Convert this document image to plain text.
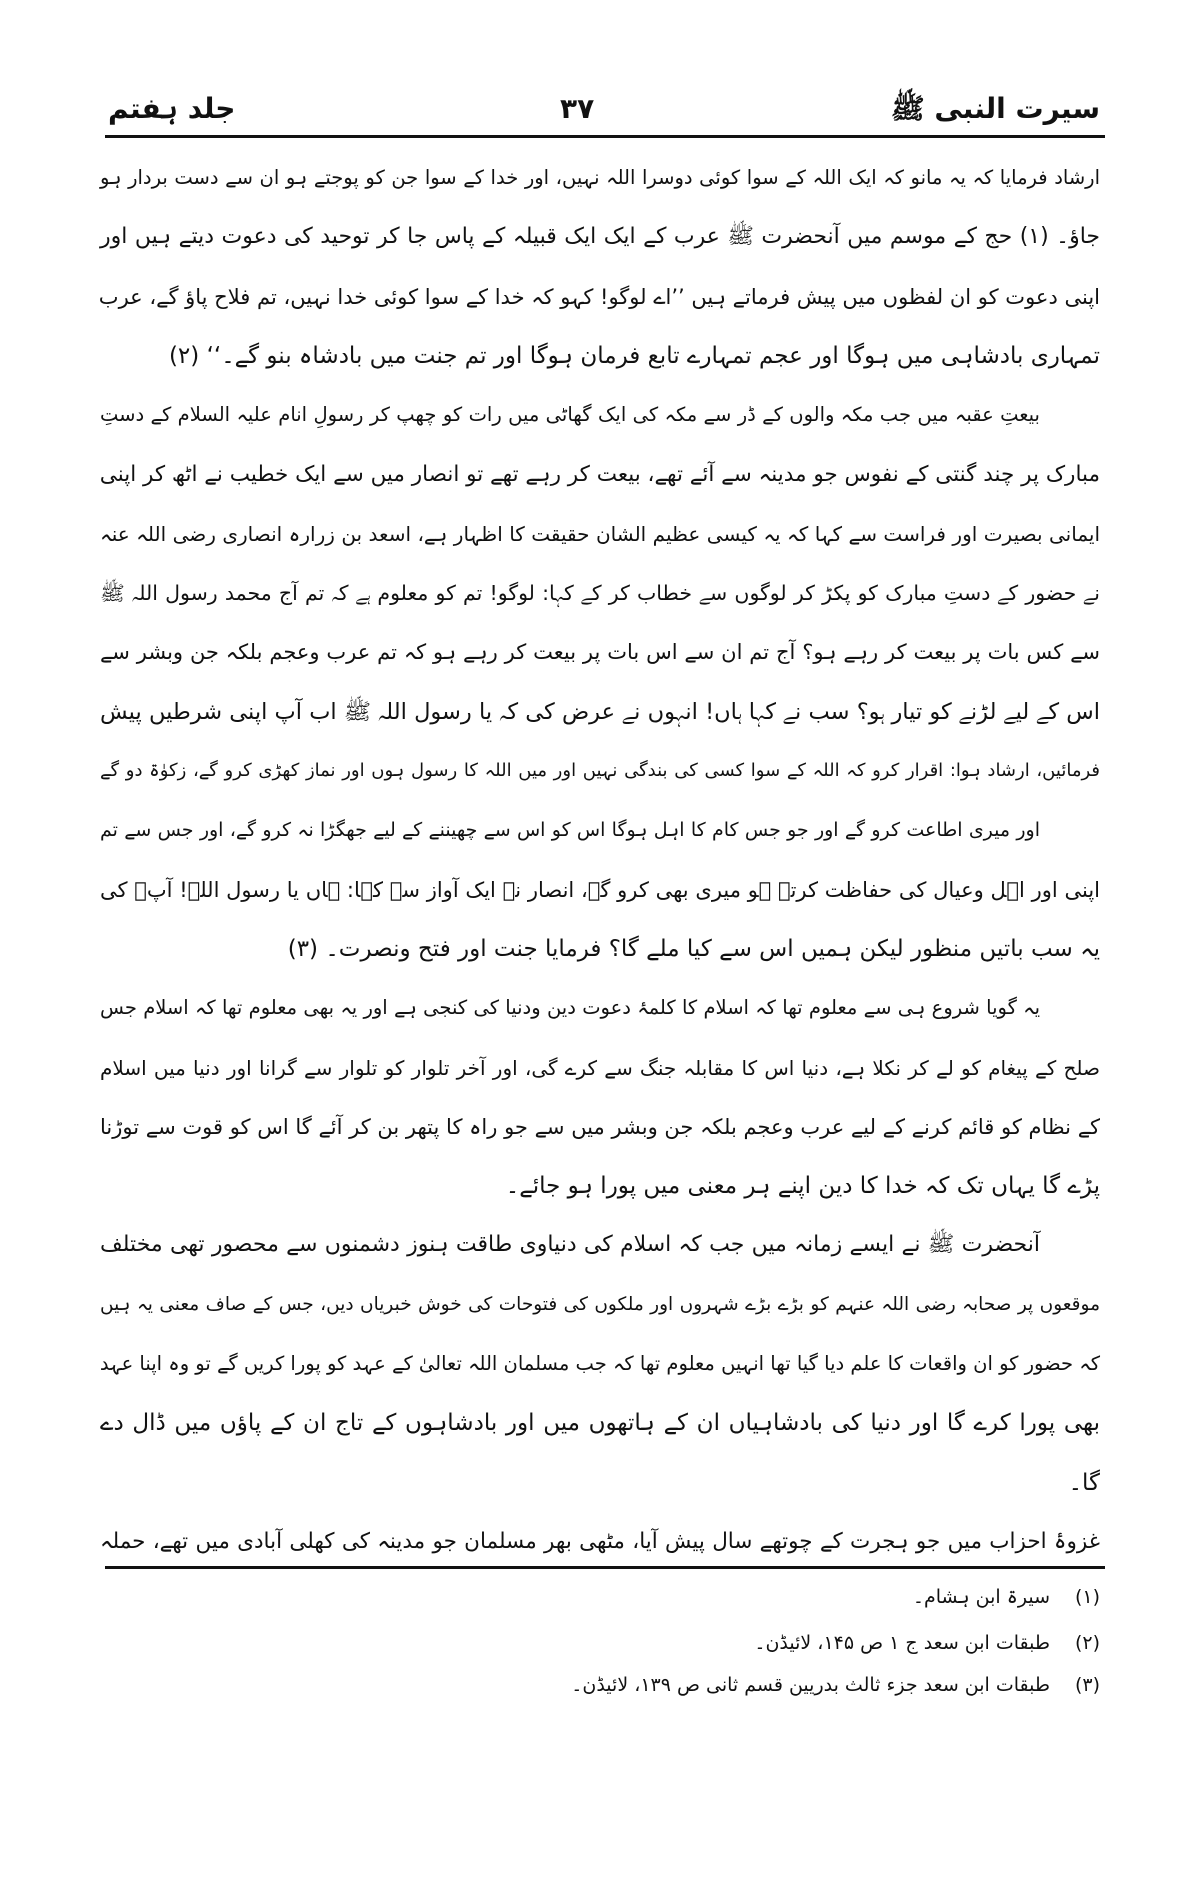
سیرت النبی ﷺ
۳۷
جلد ہفتم
ارشاد فرمایا کہ یہ مانو کہ ایک اللہ کے سوا کوئی دوسرا اللہ نہیں، اور خدا کے سوا جن کو پوجتے ہو ان سے دست بردار ہو
جاؤ۔ (۱) حج کے موسم میں آنحضرت ﷺ عرب کے ایک ایک قبیلہ کے پاس جا کر توحید کی دعوت دیتے ہیں اور
اپنی دعوت کو ان لفظوں میں پیش فرماتے ہیں ’’اے لوگو! کہو کہ خدا کے سوا کوئی خدا نہیں، تم فلاح پاؤ گے، عرب
تمہاری بادشاہی میں ہوگا اور عجم تمہارے تابع فرمان ہوگا اور تم جنت میں بادشاہ بنو گے۔‘‘ (۲)
بیعتِ عقبہ میں جب مکہ والوں کے ڈر سے مکہ کی ایک گھاٹی میں رات کو چھپ کر رسولِ انام علیہ السلام کے دستِ
مبارک پر چند گنتی کے نفوس جو مدینہ سے آئے تھے، بیعت کر رہے تھے تو انصار میں سے ایک خطیب نے اٹھ کر اپنی
ایمانی بصیرت اور فراست سے کہا کہ یہ کیسی عظیم الشان حقیقت کا اظہار ہے، اسعد بن زرارہ انصاری رضی اللہ عنہ
نے حضور کے دستِ مبارک کو پکڑ کر لوگوں سے خطاب کر کے کہا: لوگو! تم کو معلوم ہے کہ تم آج محمد رسول اللہ ﷺ
سے کس بات پر بیعت کر رہے ہو؟ آج تم ان سے اس بات پر بیعت کر رہے ہو کہ تم عرب وعجم بلکہ جن وبشر سے
اس کے لیے لڑنے کو تیار ہو؟ سب نے کہا ہاں! انہوں نے عرض کی کہ یا رسول اللہ ﷺ اب آپ اپنی شرطیں پیش
فرمائیں، ارشاد ہوا: اقرار کرو کہ اللہ کے سوا کسی کی بندگی نہیں اور میں اللہ کا رسول ہوں اور نماز کھڑی کرو گے، زکوٰۃ دو گے
اور میری اطاعت کرو گے اور جو جس کام کا اہل ہوگا اس کو اس سے چھیننے کے لیے جھگڑا نہ کرو گے، اور جس سے تم
اپنی اور اہل وعیال کی حفاظت کرتے ہو میری بھی کرو گے، انصار نے ایک آواز سے کہا: ہاں یا رسول اللہ! آپؐ کی
یہ سب باتیں منظور لیکن ہمیں اس سے کیا ملے گا؟ فرمایا جنت اور فتح ونصرت۔ (۳)
یہ گویا شروع ہی سے معلوم تھا کہ اسلام کا کلمۂ دعوت دین ودنیا کی کنجی ہے اور یہ بھی معلوم تھا کہ اسلام جس
صلح کے پیغام کو لے کر نکلا ہے، دنیا اس کا مقابلہ جنگ سے کرے گی، اور آخر تلوار کو تلوار سے گرانا اور دنیا میں اسلام
کے نظام کو قائم کرنے کے لیے عرب وعجم بلکہ جن وبشر میں سے جو راہ کا پتھر بن کر آئے گا اس کو قوت سے توڑنا
پڑے گا یہاں تک کہ خدا کا دین اپنے ہر معنی میں پورا ہو جائے۔
آنحضرت ﷺ نے ایسے زمانہ میں جب کہ اسلام کی دنیاوی طاقت ہنوز دشمنوں سے محصور تھی مختلف
موقعوں پر صحابہ رضی اللہ عنہم کو بڑے بڑے شہروں اور ملکوں کی فتوحات کی خوش خبریاں دیں، جس کے صاف معنی یہ ہیں
کہ حضور کو ان واقعات کا علم دیا گیا تھا انہیں معلوم تھا کہ جب مسلمان اللہ تعالیٰ کے عہد کو پورا کریں گے تو وہ اپنا عہد
بھی پورا کرے گا اور دنیا کی بادشاہیاں ان کے ہاتھوں میں اور بادشاہوں کے تاج ان کے پاؤں میں ڈال دے
گا۔
غزوۂ احزاب میں جو ہجرت کے چوتھے سال پیش آیا، مٹھی بھر مسلمان جو مدینہ کی کھلی آبادی میں تھے، حملہ
(۱)سیرۃ ابن ہشام۔
(۲)طبقات ابن سعد ج ۱ ص ۱۴۵، لائیڈن۔
(۳)طبقات ابن سعد جزء ثالث بدریین قسم ثانی ص ۱۳۹، لائیڈن۔
